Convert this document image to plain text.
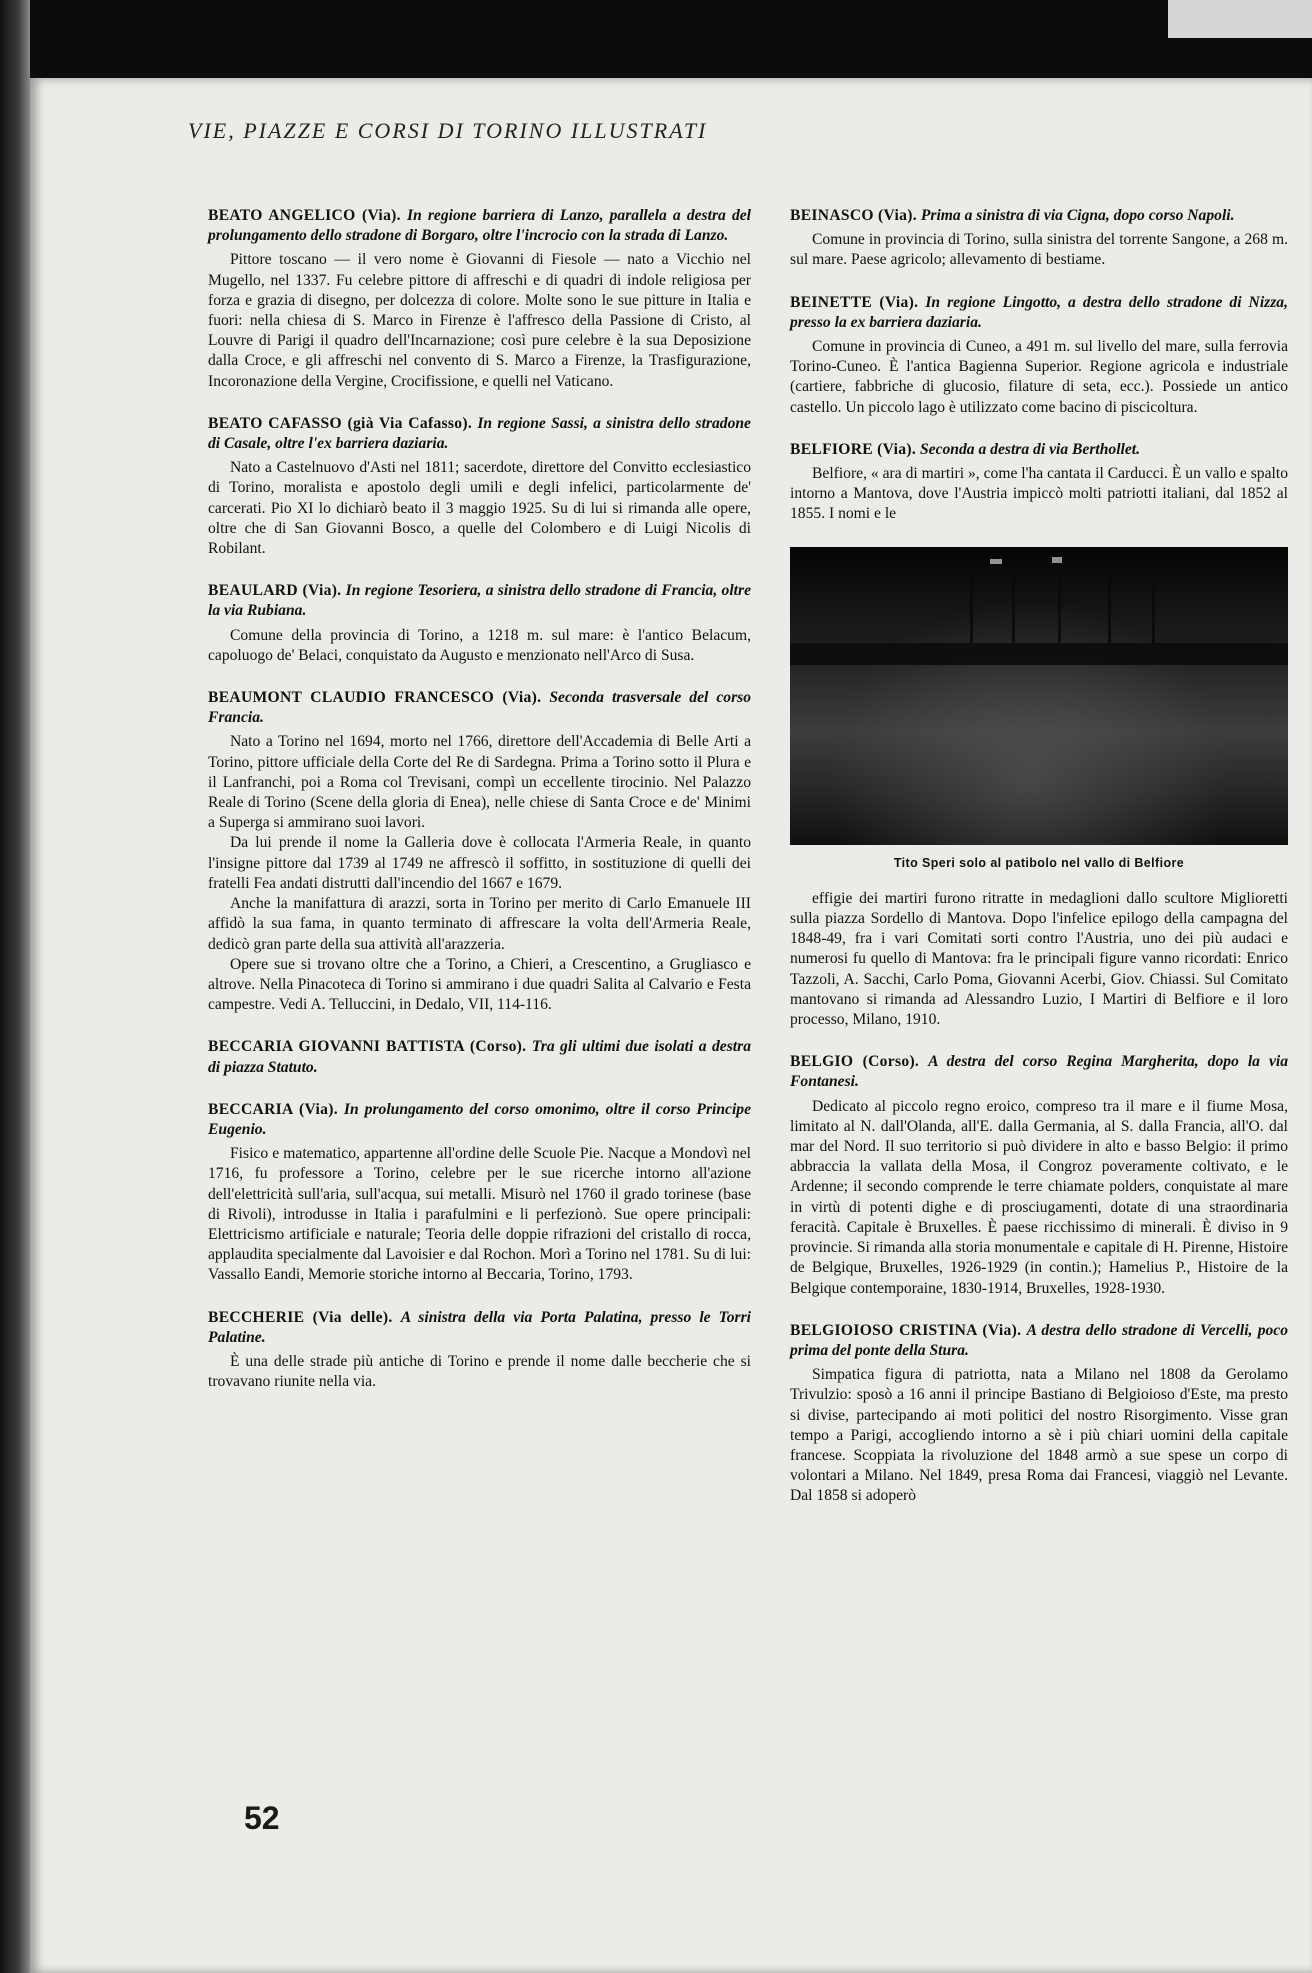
VIE, PIAZZE E CORSI DI TORINO ILLUSTRATI
BEATO ANGELICO (Via). In regione barriera di Lanzo, parallela a destra del prolungamento dello stradone di Borgaro, oltre l'incrocio con la strada di Lanzo.

Pittore toscano — il vero nome è Giovanni di Fiesole — nato a Vicchio nel Mugello, nel 1337. Fu celebre pittore di affreschi e di quadri di indole religiosa per forza e grazia di disegno, per dolcezza di colore. Molte sono le sue pitture in Italia e fuori: nella chiesa di S. Marco in Firenze è l'affresco della Passione di Cristo, al Louvre di Parigi il quadro dell'Incarnazione; così pure celebre è la sua Deposizione dalla Croce, e gli affreschi nel convento di S. Marco a Firenze, la Trasfigurazione, Incoronazione della Vergine, Crocifissione, e quelli nel Vaticano.

BEATO CAFASSO (già Via Cafasso). In regione Sassi, a sinistra dello stradone di Casale, oltre l'ex barriera daziaria.

Nato a Castelnuovo d'Asti nel 1811; sacerdote, direttore del Convitto ecclesiastico di Torino, moralista e apostolo degli umili e degli infelici, particolarmente de' carcerati. Pio XI lo dichiarò beato il 3 maggio 1925. Su di lui si rimanda alle opere, oltre che di San Giovanni Bosco, a quelle del Colombero e di Luigi Nicolis di Robilant.

BEAULARD (Via). In regione Tesoriera, a sinistra dello stradone di Francia, oltre la via Rubiana.

Comune della provincia di Torino, a 1218 m. sul mare: è l'antico Belacum, capoluogo de' Belaci, conquistato da Augusto e menzionato nell'Arco di Susa.

BEAUMONT CLAUDIO FRANCESCO (Via). Seconda trasversale del corso Francia.

Nato a Torino nel 1694, morto nel 1766, direttore dell'Accademia di Belle Arti a Torino, pittore ufficiale della Corte del Re di Sardegna. Prima a Torino sotto il Plura e il Lanfranchi, poi a Roma col Trevisani, compì un eccellente tirocinio. Nel Palazzo Reale di Torino (Scene della gloria di Enea), nelle chiese di Santa Croce e de' Minimi a Superga si ammirano suoi lavori.

Da lui prende il nome la Galleria dove è collocata l'Armeria Reale, in quanto l'insigne pittore dal 1739 al 1749 ne affrescò il soffitto, in sostituzione di quelli dei fratelli Fea andati distrutti dall'incendio del 1667 e 1679.

Anche la manifattura di arazzi, sorta in Torino per merito di Carlo Emanuele III affidò la sua fama, in quanto terminato di affrescare la volta dell'Armeria Reale, dedicò gran parte della sua attività all'arazzeria.

Opere sue si trovano oltre che a Torino, a Chieri, a Crescentino, a Grugliasco e altrove. Nella Pinacoteca di Torino si ammirano i due quadri Salita al Calvario e Festa campestre. Vedi A. Telluccini, in Dedalo, VII, 114-116.

BECCARIA GIOVANNI BATTISTA (Corso). Tra gli ultimi due isolati a destra di piazza Statuto.
BECCARIA (Via). In prolungamento del corso omonimo, oltre il corso Principe Eugenio.

Fisico e matematico, appartenne all'ordine delle Scuole Pie. Nacque a Mondovì nel 1716, fu professore a Torino, celebre per le sue ricerche intorno all'azione dell'elettricità sull'aria, sull'acqua, sui metalli. Misurò nel 1760 il grado torinese (base di Rivoli), introdusse in Italia i parafulmini e li perfezionò. Sue opere principali: Elettricismo artificiale e naturale; Teoria delle doppie rifrazioni del cristallo di rocca, applaudita specialmente dal Lavoisier e dal Rochon. Morì a Torino nel 1781. Su di lui: Vassallo Eandi, Memorie storiche intorno al Beccaria, Torino, 1793.

BECCHERIE (Via delle). A sinistra della via Porta Palatina, presso le Torri Palatine.

È una delle strade più antiche di Torino e prende il nome dalle beccherie che si trovavano riunite nella via.

BEINASCO (Via). Prima a sinistra di via Cigna, dopo corso Napoli.

Comune in provincia di Torino, sulla sinistra del torrente Sangone, a 268 m. sul mare. Paese agricolo; allevamento di bestiame.

BEINETTE (Via). In regione Lingotto, a destra dello stradone di Nizza, presso la ex barriera daziaria.

Comune in provincia di Cuneo, a 491 m. sul livello del mare, sulla ferrovia Torino-Cuneo. È l'antica Bagienna Superior. Regione agricola e industriale (cartiere, fabbriche di glucosio, filature di seta, ecc.). Possiede un antico castello. Un piccolo lago è utilizzato come bacino di piscicoltura.

BELFIORE (Via). Seconda a destra di via Berthollet.

Belfiore, « ara di martiri », come l'ha cantata il Carducci. È un vallo e spalto intorno a Mantova, dove l'Austria impiccò molti patriotti italiani, dal 1852 al 1855. I nomi e le

Tito Speri solo al patibolo nel vallo di Belfiore

effigie dei martiri furono ritratte in medaglioni dallo scultore Miglioretti sulla piazza Sordello di Mantova. Dopo l'infelice epilogo della campagna del 1848-49, fra i vari Comitati sorti contro l'Austria, uno dei più audaci e numerosi fu quello di Mantova: fra le principali figure vanno ricordati: Enrico Tazzoli, A. Sacchi, Carlo Poma, Giovanni Acerbi, Giov. Chiassi. Sul Comitato mantovano si rimanda ad Alessandro Luzio, I Martiri di Belfiore e il loro processo, Milano, 1910.

BELGIO (Corso). A destra del corso Regina Margherita, dopo la via Fontanesi.

Dedicato al piccolo regno eroico, compreso tra il mare e il fiume Mosa, limitato al N. dall'Olanda, all'E. dalla Germania, al S. dalla Francia, all'O. dal mar del Nord. Il suo territorio si può dividere in alto e basso Belgio: il primo abbraccia la vallata della Mosa, il Congroz poveramente coltivato, e le Ardenne; il secondo comprende le terre chiamate polders, conquistate al mare in virtù di potenti dighe e di prosciugamenti, dotate di una straordinaria feracità. Capitale è Bruxelles. È paese ricchissimo di minerali. È diviso in 9 provincie. Si rimanda alla storia monumentale e capitale di H. Pirenne, Histoire de Belgique, Bruxelles, 1926-1929 (in contin.); Hamelius P., Histoire de la Belgique contemporaine, 1830-1914, Bruxelles, 1928-1930.

BELGIOIOSO CRISTINA (Via). A destra dello stradone di Vercelli, poco prima del ponte della Stura.

Simpatica figura di patriotta, nata a Milano nel 1808 da Gerolamo Trivulzio: sposò a 16 anni il principe Bastiano di Belgioioso d'Este, ma presto si divise, partecipando ai moti politici del nostro Risorgimento. Visse gran tempo a Parigi, accogliendo intorno a sè i più chiari uomini della capitale francese. Scoppiata la rivoluzione del 1848 armò a sue spese un corpo di volontari a Milano. Nel 1849, presa Roma dai Francesi, viaggiò nel Levante. Dal 1858 si adoperò

52
